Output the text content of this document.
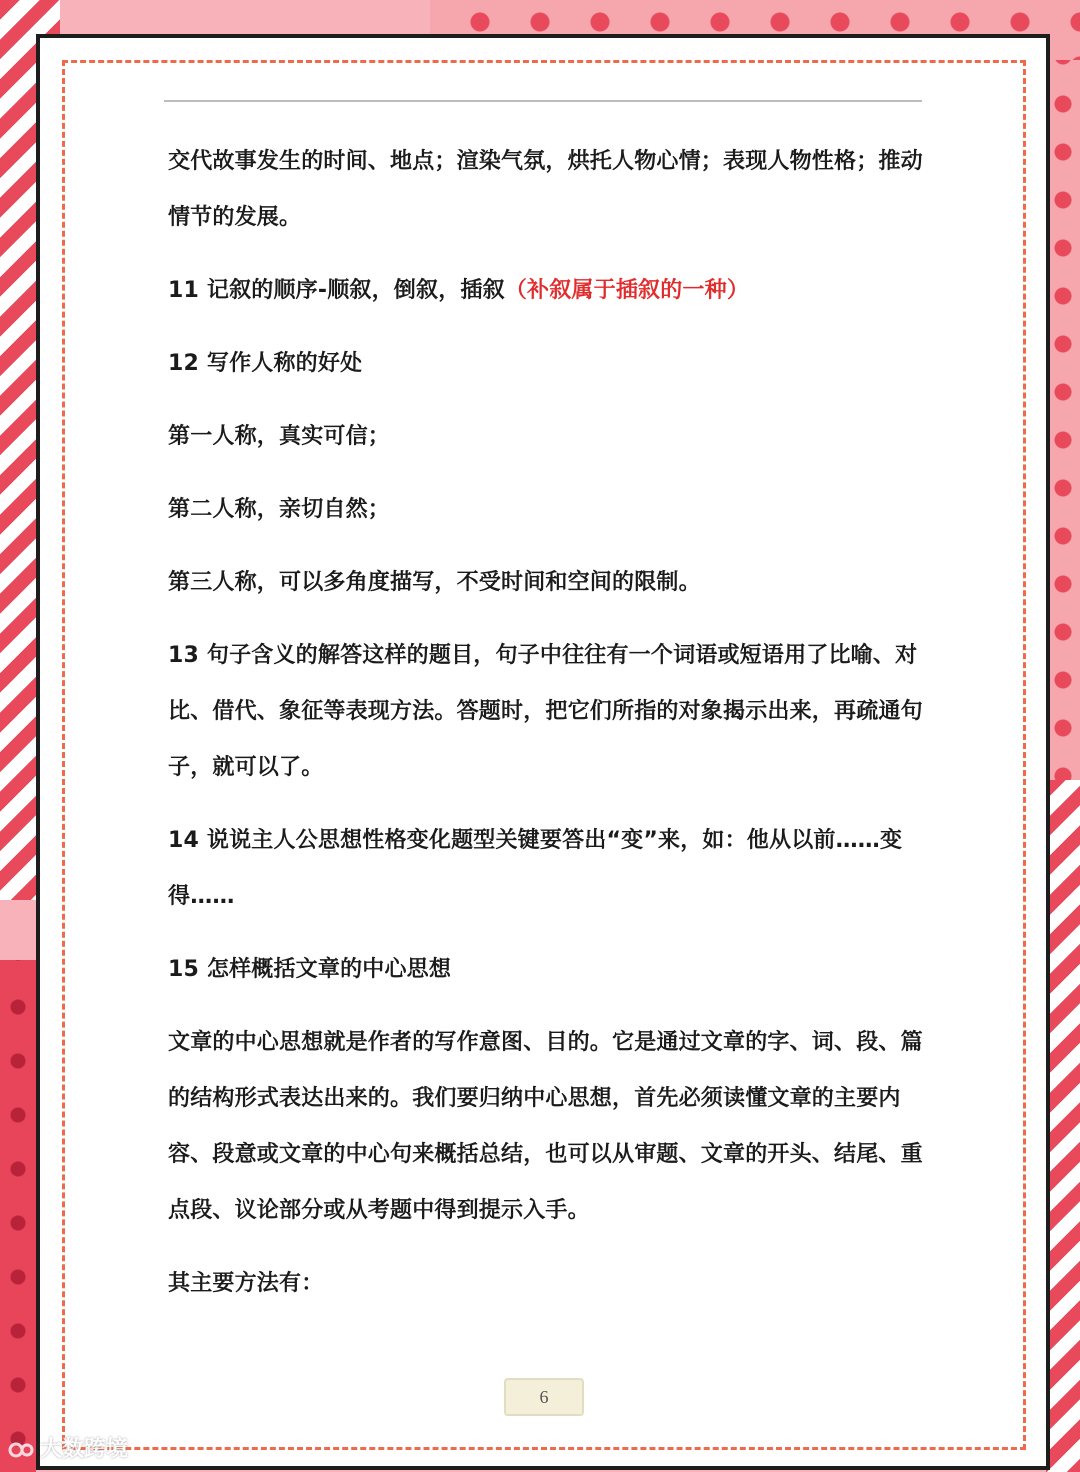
交代故事发生的时间、地点；渲染气氛，烘托人物心情；表现人物性格；推动情节的发展。

11 记叙的顺序-顺叙，倒叙，插叙（补叙属于插叙的一种）

12 写作人称的好处

第一人称，真实可信；

第二人称，亲切自然；

第三人称，可以多角度描写，不受时间和空间的限制。

13 句子含义的解答这样的题目，句子中往往有一个词语或短语用了比喻、对比、借代、象征等表现方法。答题时，把它们所指的对象揭示出来，再疏通句子，就可以了。

14 说说主人公思想性格变化题型关键要答出“变”来，如：他从以前……变得……

15 怎样概括文章的中心思想

文章的中心思想就是作者的写作意图、目的。它是通过文章的字、词、段、篇的结构形式表达出来的。我们要归纳中心思想，首先必须读懂文章的主要内容、段意或文章的中心句来概括总结，也可以从审题、文章的开头、结尾、重点段、议论部分或从考题中得到提示入手。

其主要方法有：

6
大数跨境
